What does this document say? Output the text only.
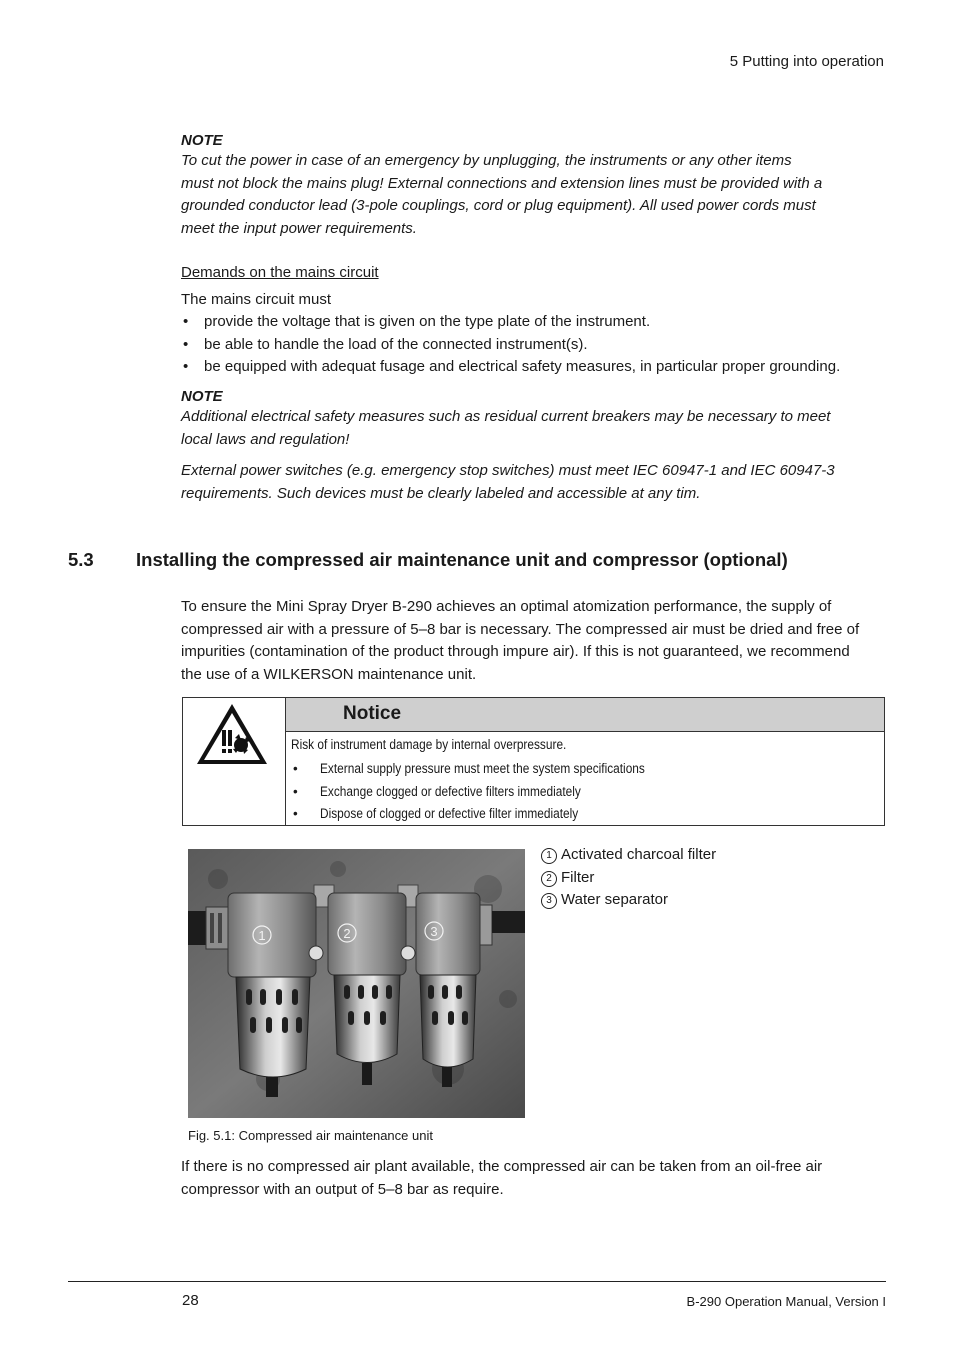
5 Putting into operation
NOTE
To cut the power in case of an emergency by unplugging, the instruments or any other items
must not block the mains plug! External connections and extension lines must be provided with a
grounded conductor lead (3-pole couplings, cord or plug equipment). All used power cords must
meet the input power requirements.
Demands on the mains circuit
The mains circuit must
• provide the voltage that is given on the type plate of the instrument.
• be able to handle the load of the connected instrument(s).
• be equipped with adequat fusage and electrical safety measures, in particular proper grounding.
NOTE
Additional electrical safety measures such as residual current breakers may be necessary to meet
local laws and regulation!
External power switches (e.g. emergency stop switches) must meet IEC 60947-1 and IEC 60947-3
requirements. Such devices must be clearly labeled and accessible at any tim.
5.3 Installing the compressed air maintenance unit and compressor (optional)
To ensure the Mini Spray Dryer B-290 achieves an optimal atomization performance, the supply of
compressed air with a pressure of 5–8 bar is necessary. The compressed air must be dried and free of
impurities (contamination of the product through impure air). If this is not guaranteed, we recommend
the use of a WILKERSON maintenance unit.
Notice
Risk of instrument damage by internal overpressure.
• External supply pressure must meet the system specifications
• Exchange clogged or defective filters immediately
• Dispose of clogged or defective filter immediately
1	2	3
1 Activated charcoal filter
2 Filter
3 Water separator
Fig. 5.1: Compressed air maintenance unit
If there is no compressed air plant available, the compressed air can be taken from an oil-free air
compressor with an output of 5–8 bar as require.
28	B-290 Operation Manual, Version I
